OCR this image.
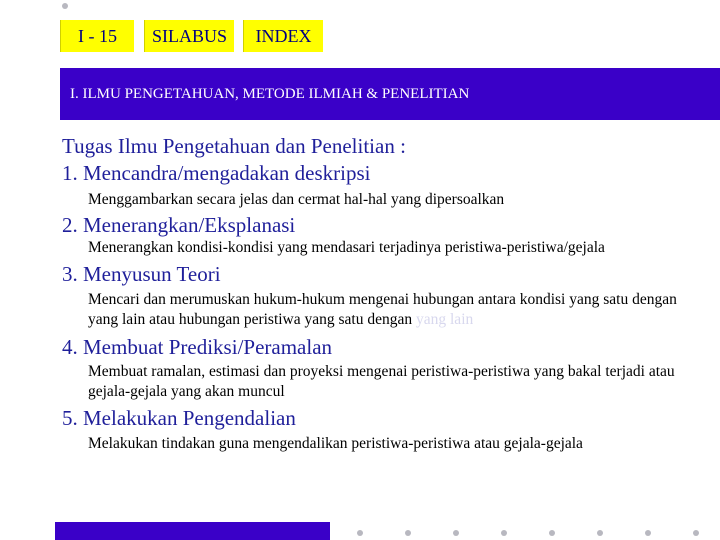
I - 15	SILABUS	INDEX
I. ILMU PENGETAHUAN, METODE ILMIAH & PENELITIAN
Tugas Ilmu Pengetahuan dan Penelitian :
1. Mencandra/mengadakan deskripsi
Menggambarkan secara jelas dan cermat hal-hal yang dipersoalkan
2. Menerangkan/Eksplanasi
Menerangkan kondisi-kondisi yang mendasari terjadinya peristiwa-peristiwa/gejala
3. Menyusun Teori
Mencari dan merumuskan hukum-hukum mengenai hubungan antara kondisi yang satu dengan yang lain atau hubungan peristiwa yang satu dengan yang lain
4. Membuat Prediksi/Peramalan
Membuat ramalan, estimasi dan proyeksi mengenai peristiwa-peristiwa yang bakal terjadi atau gejala-gejala yang akan muncul
5. Melakukan Pengendalian
Melakukan tindakan guna mengendalikan peristiwa-peristiwa atau gejala-gejala
